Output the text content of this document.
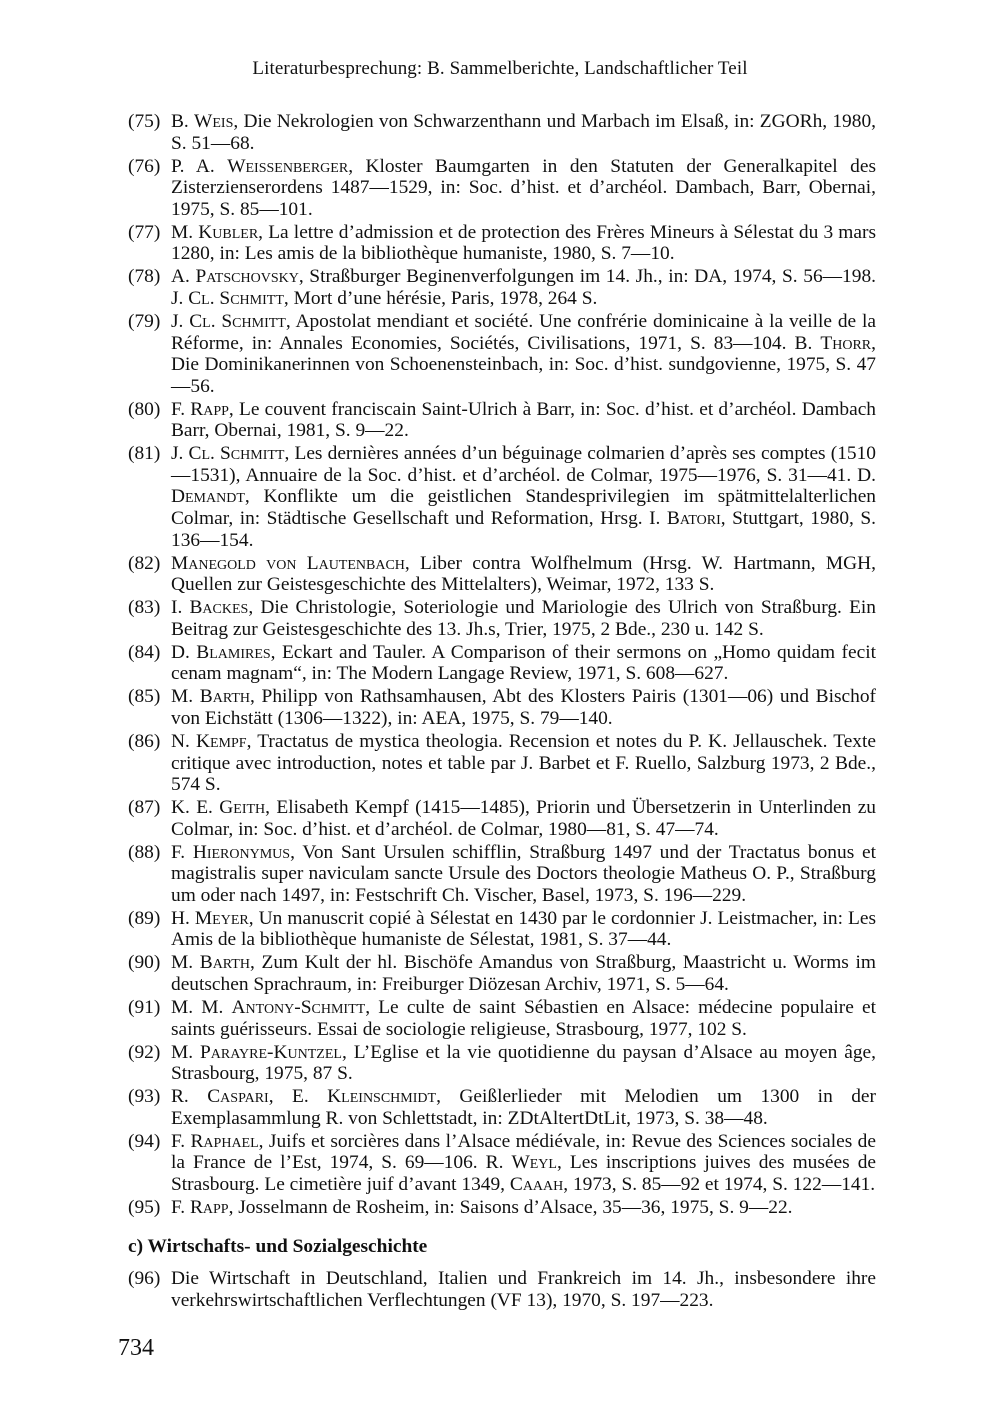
Literaturbesprechung: B. Sammelberichte, Landschaftlicher Teil
(75) B. Weis, Die Nekrologien von Schwarzenthann und Marbach im Elsaß, in: ZGORh, 1980, S. 51—68.
(76) P. A. Weissenberger, Kloster Baumgarten in den Statuten der Generalkapitel des Zisterzienserordens 1487—1529, in: Soc. d’hist. et d’archéol. Dambach, Barr, Obernai, 1975, S. 85—101.
(77) M. Kubler, La lettre d’admission et de protection des Frères Mineurs à Sélestat du 3 mars 1280, in: Les amis de la bibliothèque humaniste, 1980, S. 7—10.
(78) A. Patschovsky, Straßburger Beginenverfolgungen im 14. Jh., in: DA, 1974, S. 56—198. J. Cl. Schmitt, Mort d’une hérésie, Paris, 1978, 264 S.
(79) J. Cl. Schmitt, Apostolat mendiant et société. Une confrérie dominicaine à la veille de la Réforme, in: Annales Economies, Sociétés, Civilisations, 1971, S. 83—104. B. Thorr, Die Dominikanerinnen von Schoenensteinbach, in: Soc. d’hist. sundgovienne, 1975, S. 47—56.
(80) F. Rapp, Le couvent franciscain Saint-Ulrich à Barr, in: Soc. d’hist. et d’archéol. Dambach Barr, Obernai, 1981, S. 9—22.
(81) J. Cl. Schmitt, Les dernières années d’un béguinage colmarien d’après ses comptes (1510—1531), Annuaire de la Soc. d’hist. et d’archéol. de Colmar, 1975—1976, S. 31—41. D. Demandt, Konflikte um die geistlichen Standesprivilegien im spätmittelalterlichen Colmar, in: Städtische Gesellschaft und Reformation, Hrsg. I. Batori, Stuttgart, 1980, S. 136—154.
(82) Manegold von Lautenbach, Liber contra Wolfhelmum (Hrsg. W. Hartmann, MGH, Quellen zur Geistesgeschichte des Mittelalters), Weimar, 1972, 133 S.
(83) I. Backes, Die Christologie, Soteriologie und Mariologie des Ulrich von Straßburg. Ein Beitrag zur Geistesgeschichte des 13. Jh.s, Trier, 1975, 2 Bde., 230 u. 142 S.
(84) D. Blamires, Eckart and Tauler. A Comparison of their sermons on „Homo quidam fecit cenam magnam“, in: The Modern Langage Review, 1971, S. 608—627.
(85) M. Barth, Philipp von Rathsamhausen, Abt des Klosters Pairis (1301—06) und Bischof von Eichstätt (1306—1322), in: AEA, 1975, S. 79—140.
(86) N. Kempf, Tractatus de mystica theologia. Recension et notes du P. K. Jellauschek. Texte critique avec introduction, notes et table par J. Barbet et F. Ruello, Salzburg 1973, 2 Bde., 574 S.
(87) K. E. Geith, Elisabeth Kempf (1415—1485), Priorin und Übersetzerin in Unterlinden zu Colmar, in: Soc. d’hist. et d’archéol. de Colmar, 1980—81, S. 47—74.
(88) F. Hieronymus, Von Sant Ursulen schifflin, Straßburg 1497 und der Tractatus bonus et magistralis super naviculam sancte Ursule des Doctors theologie Matheus O. P., Straßburg um oder nach 1497, in: Festschrift Ch. Vischer, Basel, 1973, S. 196—229.
(89) H. Meyer, Un manuscrit copié à Sélestat en 1430 par le cordonnier J. Leistmacher, in: Les Amis de la bibliothèque humaniste de Sélestat, 1981, S. 37—44.
(90) M. Barth, Zum Kult der hl. Bischöfe Amandus von Straßburg, Maastricht u. Worms im deutschen Sprachraum, in: Freiburger Diözesan Archiv, 1971, S. 5—64.
(91) M. M. Antony-Schmitt, Le culte de saint Sébastien en Alsace: médecine populaire et saints guérisseurs. Essai de sociologie religieuse, Strasbourg, 1977, 102 S.
(92) M. Parayre-Kuntzel, L’Eglise et la vie quotidienne du paysan d’Alsace au moyen âge, Strasbourg, 1975, 87 S.
(93) R. Caspari, E. Kleinschmidt, Geißlerlieder mit Melodien um 1300 in der Exemplasammlung R. von Schlettstadt, in: ZDtAltertDtLit, 1973, S. 38—48.
(94) F. Raphael, Juifs et sorcières dans l’Alsace médiévale, in: Revue des Sciences sociales de la France de l’Est, 1974, S. 69—106. R. Weyl, Les inscriptions juives des musées de Strasbourg. Le cimetière juif d’avant 1349, Caaah, 1973, S. 85—92 et 1974, S. 122—141.
(95) F. Rapp, Josselmann de Rosheim, in: Saisons d’Alsace, 35—36, 1975, S. 9—22.
c) Wirtschafts- und Sozialgeschichte
(96) Die Wirtschaft in Deutschland, Italien und Frankreich im 14. Jh., insbesondere ihre verkehrswirtschaftlichen Verflechtungen (VF 13), 1970, S. 197—223.
734
